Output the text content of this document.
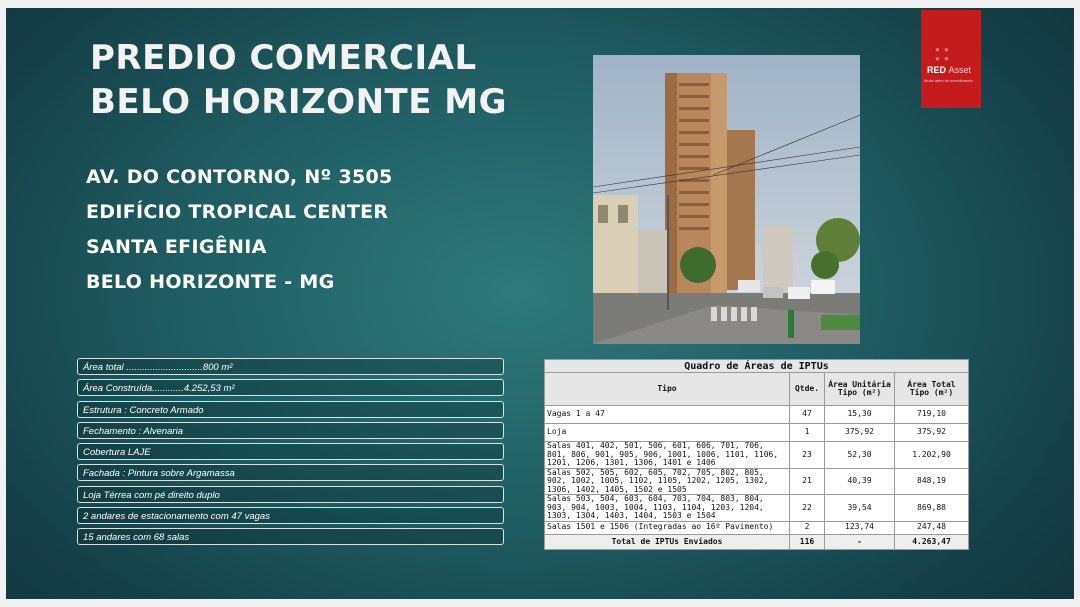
PREDIO COMERCIAL
BELO HORIZONTE MG
AV. DO CONTORNO, Nº 3505
EDIFÍCIO TROPICAL CENTER
SANTA EFIGÊNIA
BELO HORIZONTE - MG
● ●
● ●
RED Asset
Muito além do investimento
Área total .............................800 m²
Área Construída............4.252,53 m²
Estrutura : Concreto Armado
Fechamento : Alvenaria
Cobertura LAJE
Fachada : Pintura sobre Argamassa
Loja Térrea com pé direito duplo
2 andares de estacionamento com 47 vagas
15 andares com 68 salas
Quadro de Áreas de IPTUs			
Tipo	Qtde.	Área Unitária Tipo (m²)	Área Total Tipo (m²)
Vagas 1 a 47	47	15,30	719,10
Loja	1	375,92	375,92
Salas 401, 402, 501, 506, 601, 606, 701, 706, 801, 806, 901, 905, 906, 1001, 1006, 1101, 1106, 1201, 1206, 1301, 1306, 1401 e 1406	23	52,30	1.202,90
Salas 502, 505, 602, 605, 702, 705, 802, 805, 902, 1002, 1005, 1102, 1105, 1202, 1205, 1302, 1306, 1402, 1405, 1502 e 1505	21	40,39	848,19
Salas 503, 504, 603, 604, 703, 704, 803, 804, 903, 904, 1003, 1004, 1103, 1104, 1203, 1204, 1303, 1304, 1403, 1404, 1503 e 1504	22	39,54	869,88
Salas 1501 e 1506 (Integradas ao 16º Pavimento)	2	123,74	247,48
Total de IPTUs Enviados	116	-	4.263,47
